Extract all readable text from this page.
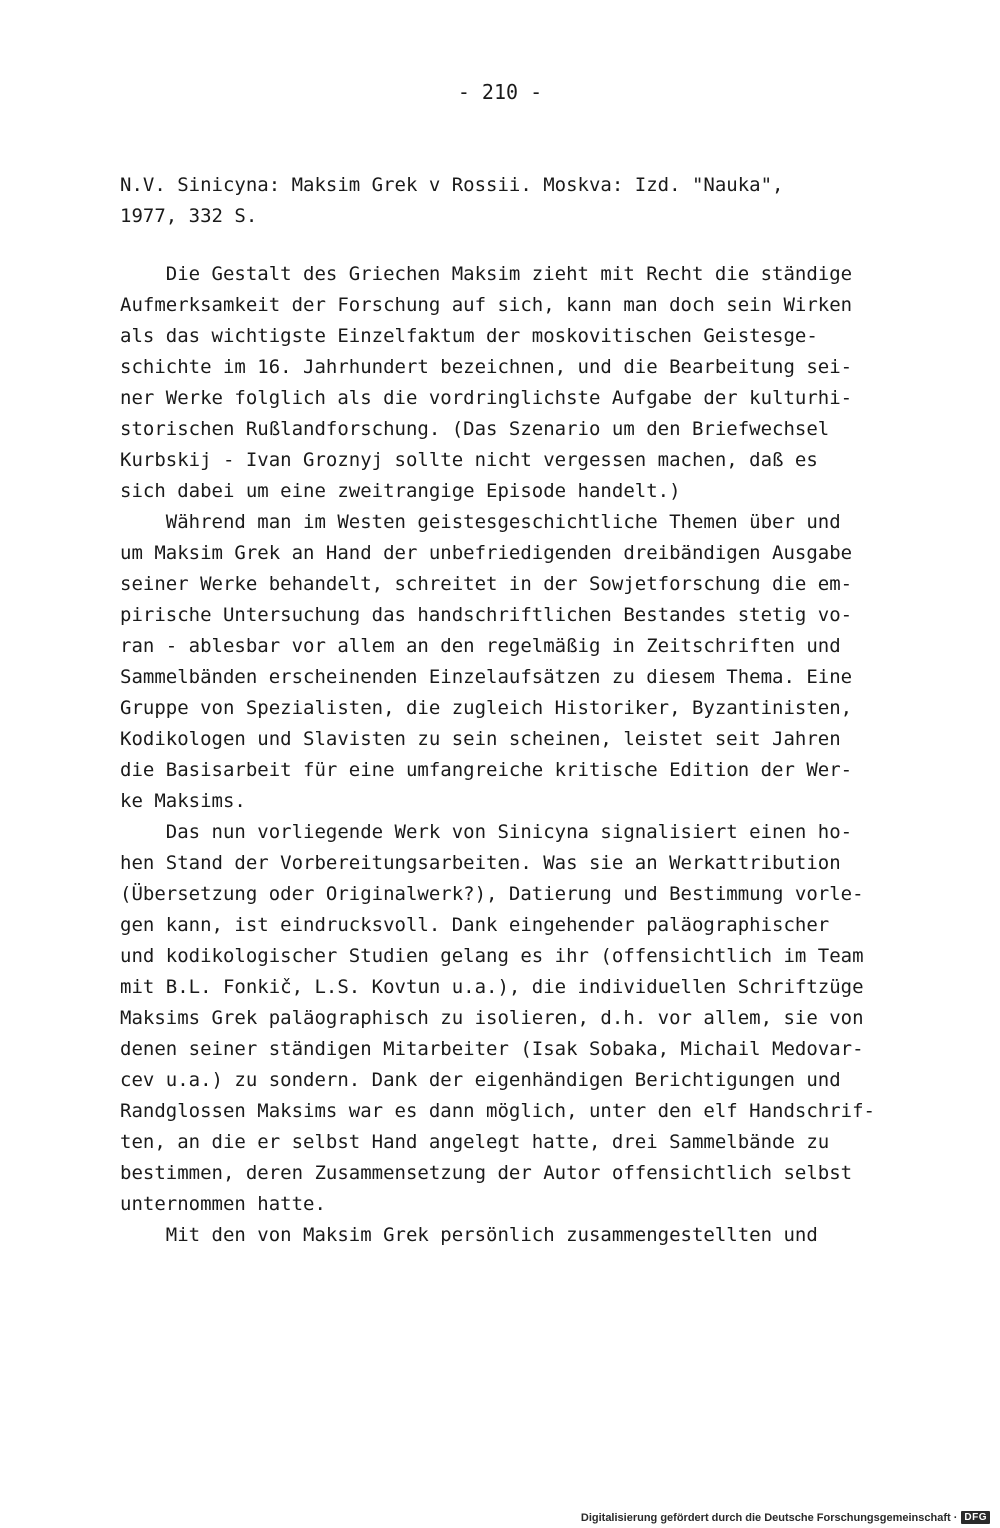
- 210 -

N.V. Sinicyna: Maksim Grek v Rossii. Moskva: Izd. "Nauka",
1977, 332 S.
Die Gestalt des Griechen Maksim zieht mit Recht die ständige
Aufmerksamkeit der Forschung auf sich, kann man doch sein Wirken
als das wichtigste Einzelfaktum der moskovitischen Geistesge-
schichte im 16. Jahrhundert bezeichnen, und die Bearbeitung sei-
ner Werke folglich als die vordringlichste Aufgabe der kulturhi-
storischen Rußlandforschung. (Das Szenario um den Briefwechsel
Kurbskij - Ivan Groznyj sollte nicht vergessen machen, daß es
sich dabei um eine zweitrangige Episode handelt.)
Während man im Westen geistesgeschichtliche Themen über und
um Maksim Grek an Hand der unbefriedigenden dreibändigen Ausgabe
seiner Werke behandelt, schreitet in der Sowjetforschung die em-
pirische Untersuchung das handschriftlichen Bestandes stetig vo-
ran - ablesbar vor allem an den regelmäßig in Zeitschriften und
Sammelbänden erscheinenden Einzelaufsätzen zu diesem Thema. Eine
Gruppe von Spezialisten, die zugleich Historiker, Byzantinisten,
Kodikologen und Slavisten zu sein scheinen, leistet seit Jahren
die Basisarbeit für eine umfangreiche kritische Edition der Wer-
ke Maksims.
Das nun vorliegende Werk von Sinicyna signalisiert einen ho-
hen Stand der Vorbereitungsarbeiten. Was sie an Werkattribution
(Übersetzung oder Originalwerk?), Datierung und Bestimmung vorle-
gen kann, ist eindrucksvoll. Dank eingehender paläographischer
und kodikologischer Studien gelang es ihr (offensichtlich im Team
mit B.L. Fonkič, L.S. Kovtun u.a.), die individuellen Schriftzüge
Maksims Grek paläographisch zu isolieren, d.h. vor allem, sie von
denen seiner ständigen Mitarbeiter (Isak Sobaka, Michail Medovar-
cev u.a.) zu sondern. Dank der eigenhändigen Berichtigungen und
Randglossen Maksims war es dann möglich, unter den elf Handschrif-
ten, an die er selbst Hand angelegt hatte, drei Sammelbände zu
bestimmen, deren Zusammensetzung der Autor offensichtlich selbst
unternommen hatte.
Mit den von Maksim Grek persönlich zusammengestellten und
Digitalisierung gefördert durch die Deutsche Forschungsgemeinschaft · DFG
